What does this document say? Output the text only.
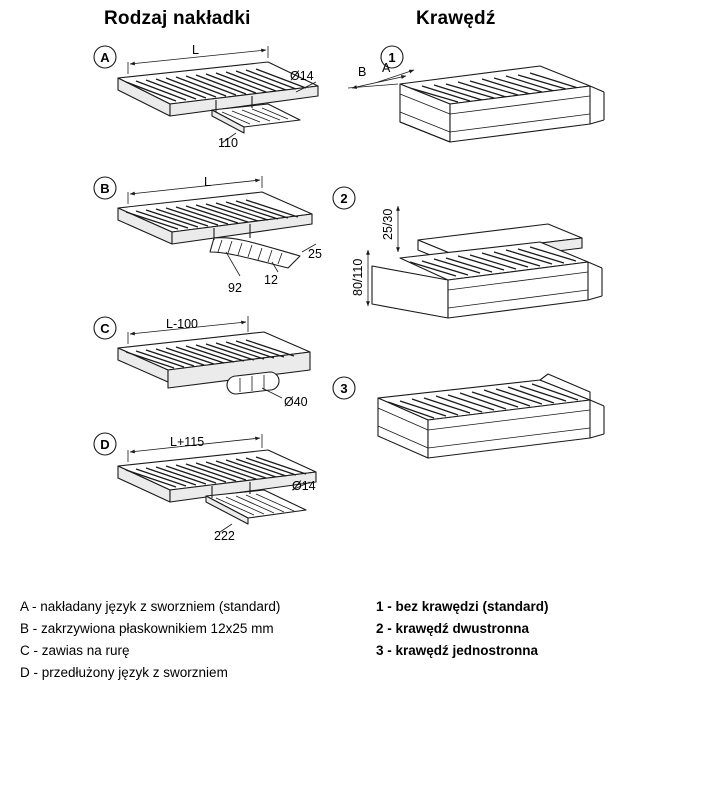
Rodzaj nakładki	Krawędź
A	L
Ø14
110
B	L
25
12
92
C	L-100
Ø40
D	L+115
Ø14
222
1
B A
2
25/30
80/110
3
A - nakładany język z sworzniem (standard)
B - zakrzywiona płaskownikiem 12x25 mm
C - zawias na rurę
D - przedłużony język z sworzniem
1 - bez krawędzi (standard)
2 - krawędź dwustronna
3 - krawędź jednostronna
